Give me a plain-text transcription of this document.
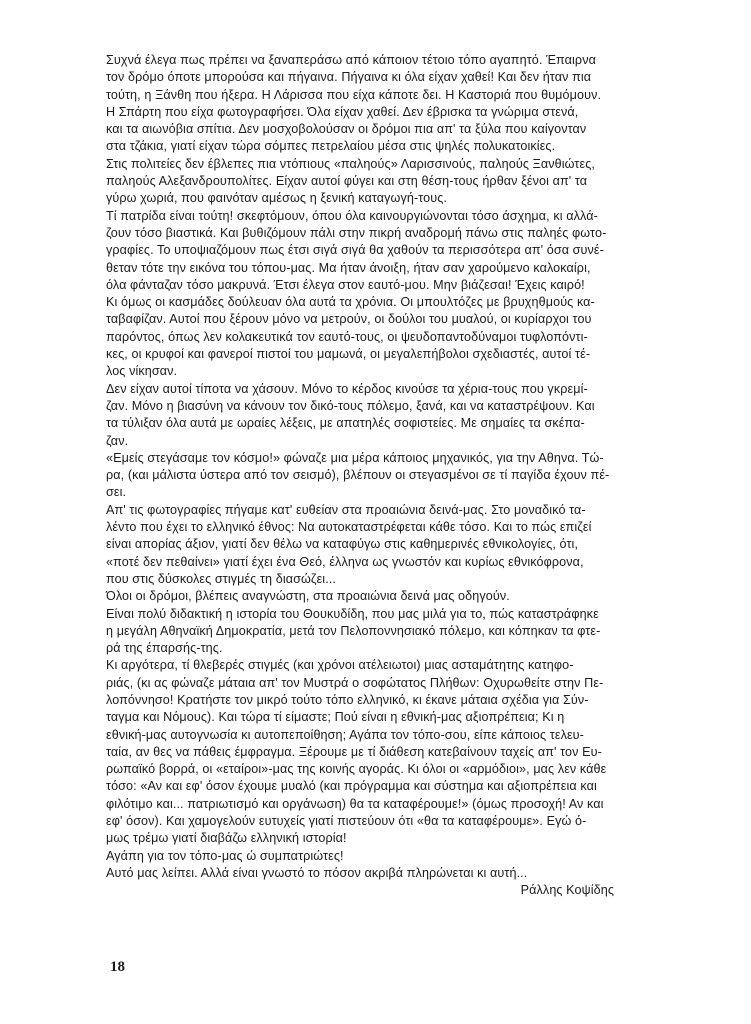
Συχνά έλεγα πως πρέπει να ξαναπεράσω από κάποιον τέτοιο τόπο αγαπητό. Έπαιρνα
τον δρόμο όποτε μπορούσα και πήγαινα. Πήγαινα κι όλα είχαν χαθεί! Και δεν ήταν πια
τούτη, η Ξάνθη που ήξερα. Η Λάρισσα που είχα κάποτε δει. Η Καστοριά που θυμόμουν.
Η Σπάρτη που είχα φωτογραφήσει. Όλα είχαν χαθεί. Δεν έβρισκα τα γνώριμα στενά,
και τα αιωνόβια σπίτια. Δεν μοσχοβολούσαν οι δρόμοι πια απ' τα ξύλα που καίγονταν
στα τζάκια, γιατί είχαν τώρα σόμπες πετρελαίου μέσα στις ψηλές πολυκατοικίες.
Στις πολιτείες δεν έβλεπες πια ντόπιους «παληούς» Λαρισσινούς, παληούς Ξανθιώτες,
παληούς Αλεξανδρουπολίτες. Είχαν αυτοί φύγει και στη θέση-τους ήρθαν ξένοι απ' τα
γύρω χωριά, που φαινόταν αμέσως η ξενική καταγωγή-τους.
Τί πατρίδα είναι τούτη! σκεφτόμουν, όπου όλα καινουργιώνονται τόσο άσχημα, κι αλλά-
ζουν τόσο βιαστικά. Και βυθιζόμουν πάλι στην πικρή αναδρομή πάνω στις παληές φωτο-
γραφίες. Το υποψιαζόμουν πως έτσι σιγά σιγά θα χαθούν τα περισσότερα απ' όσα συνέ-
θεταν τότε την εικόνα του τόπου-μας. Μα ήταν άνοιξη, ήταν σαν χαρούμενο καλοκαίρι,
όλα φάνταζαν τόσο μακρυνά. Έτσι έλεγα στον εαυτό-μου. Μην βιάζεσαι! Έχεις καιρό!
Κι όμως οι κασμάδες δούλευαν όλα αυτά τα χρόνια. Οι μπουλτόζες με βρυχηθμούς κα-
ταβαφίζαν. Αυτοί που ξέρουν μόνο να μετρούν, οι δούλοι του μυαλού, οι κυρίαρχοι του
παρόντος, όπως λεν κολακευτικά τον εαυτό-τους, οι ψευδοπαντοδύναμοι τυφλοπόντι-
κες, οι κρυφοί και φανεροί πιστοί του μαμωνά, οι μεγαλεπήβολοι σχεδιαστές, αυτοί τέ-
λος νίκησαν.
Δεν είχαν αυτοί τίποτα να χάσουν. Μόνο το κέρδος κινούσε τα χέρια-τους που γκρεμί-
ζαν. Μόνο η βιασύνη να κάνουν τον δικό-τους πόλεμο, ξανά, και να καταστρέψουν. Και
τα τύλιξαν όλα αυτά με ωραίες λέξεις, με απατηλές σοφιστείες. Με σημαίες τα σκέπα-
ζαν.
«Εμείς στεγάσαμε τον κόσμο!» φώναζε μια μέρα κάποιος μηχανικός, για την Αθηνα. Τώ-
ρα, (και μάλιστα ύστερα από τον σεισμό), βλέπουν οι στεγασμένοι σε τί παγίδα έχουν πέ-
σει.
Απ' τις φωτογραφίες πήγαμε κατ' ευθείαν στα προαιώνια δεινά-μας. Στο μοναδικό τα-
λέντο που έχει το ελληνικό έθνος: Να αυτοκαταστρέφεται κάθε τόσο. Και το πώς επιζεί
είναι απορίας άξιον, γιατί δεν θέλω να καταφύγω στις καθημερινές εθνικολογίες, ότι,
«ποτέ δεν πεθαίνει» γιατί έχει ένα Θεό, έλληνα ως γνωστόν και κυρίως εθνικόφρονα,
που στις δύσκολες στιγμές τη διασώζει...
Όλοι οι δρόμοι, βλέπεις αναγνώστη, στα προαιώνια δεινά μας οδηγούν.
Είναι πολύ διδακτική η ιστορία του Θουκυδίδη, που μας μιλά για το, πώς καταστράφηκε
η μεγάλη Αθηναϊκή Δημοκρατία, μετά τον Πελοποννησιακό πόλεμο, και κόπηκαν τα φτε-
ρά της έπαρσής-της.
Κι αργότερα, τί θλεβερές στιγμές (και χρόνοι ατέλειωτοι) μιας ασταμάτητης κατηφο-
ριάς, (κι ας φώναζε μάταια απ' τον Μυστρά ο σοφώτατος Πλήθων: Οχυρωθείτε στην Πε-
λοπόννησο! Κρατήστε τον μικρό τούτο τόπο ελληνικό, κι έκανε μάταια σχέδια για Σύν-
ταγμα και Νόμους). Και τώρα τί είμαστε; Πού είναι η εθνική-μας αξιοπρέπεια; Κι η
εθνική-μας αυτογνωσία κι αυτοπεποίθηση; Αγάπα τον τόπο-σου, είπε κάποιος τελευ-
ταία, αν θες να πάθεις έμφραγμα. Ξέρουμε με τί διάθεση κατεβαίνουν ταχείς απ' τον Ευ-
ρωπαϊκό βορρά, οι «εταίροι»-μας της κοινής αγοράς. Κι όλοι οι «αρμόδιοι», μας λεν κάθε
τόσο: «Αν και εφ' όσον έχουμε μυαλό (και πρόγραμμα και σύστημα και αξιοπρέπεια και
φιλότιμο και... πατριωτισμό και οργάνωση) θα τα καταφέρουμε!» (όμως προσοχή! Αν και
εφ' όσον). Και χαμογελούν ευτυχείς γιατί πιστεύουν ότι «θα τα καταφέρουμε». Εγώ ό-
μως τρέμω γιατί διαβάζω ελληνική ιστορία!
Αγάπη για τον τόπο-μας ώ συμπατριώτες!
Αυτό μας λείπει. Αλλά είναι γνωστό το πόσον ακριβά πληρώνεται κι αυτή...
Ράλλης Κοψίδης
18
